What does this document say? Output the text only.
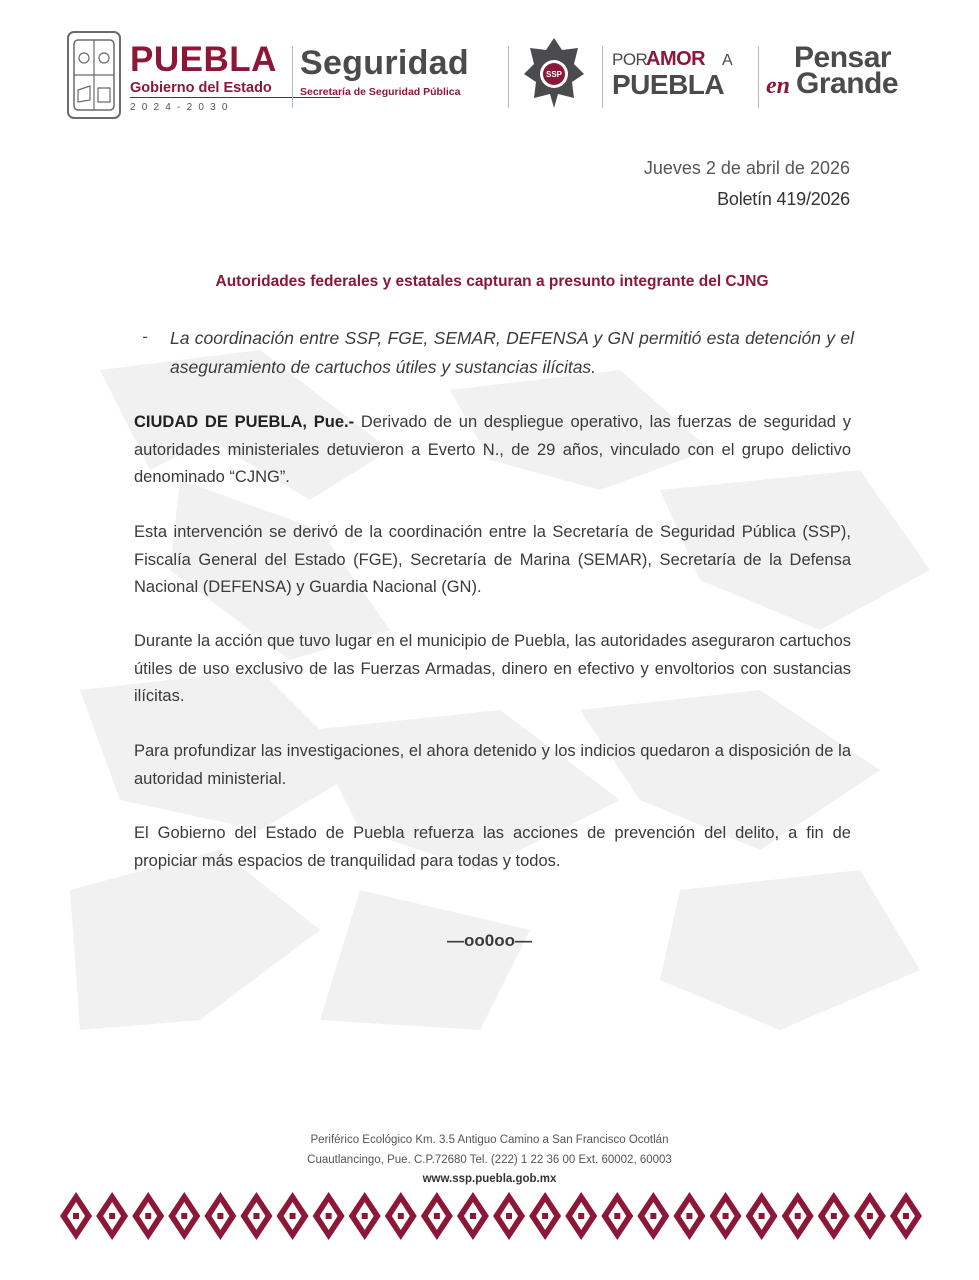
PUEBLA
Gobierno del Estado
2024-2030
Seguridad
Secretaría de Seguridad Pública
SSP
POR
AMOR A
PUEBLA
Pensar
en Grande
Jueves 2 de abril de 2026
Boletín 419/2026
Autoridades federales y estatales capturan a presunto integrante del CJNG
- La coordinación entre SSP, FGE, SEMAR, DEFENSA y GN permitió esta detención y el aseguramiento de cartuchos útiles y sustancias ilícitas.
CIUDAD DE PUEBLA, Pue.- Derivado de un despliegue operativo, las fuerzas de seguridad y autoridades ministeriales detuvieron a Everto N., de 29 años, vinculado con el grupo delictivo denominado “CJNG”.
Esta intervención se derivó de la coordinación entre la Secretaría de Seguridad Pública (SSP), Fiscalía General del Estado (FGE), Secretaría de Marina (SEMAR), Secretaría de la Defensa Nacional (DEFENSA) y Guardia Nacional (GN).
Durante la acción que tuvo lugar en el municipio de Puebla, las autoridades aseguraron cartuchos útiles de uso exclusivo de las Fuerzas Armadas, dinero en efectivo y envoltorios con sustancias ilícitas.
Para profundizar las investigaciones, el ahora detenido y los indicios quedaron a disposición de la autoridad ministerial.
El Gobierno del Estado de Puebla refuerza las acciones de prevención del delito, a fin de propiciar más espacios de tranquilidad para todas y todos.
—oo0oo—
Periférico Ecológico Km. 3.5 Antiguo Camino a San Francisco Ocotlán
Cuautlancingo, Pue. C.P.72680 Tel. (222) 1 22 36 00 Ext. 60002, 60003
www.ssp.puebla.gob.mx
